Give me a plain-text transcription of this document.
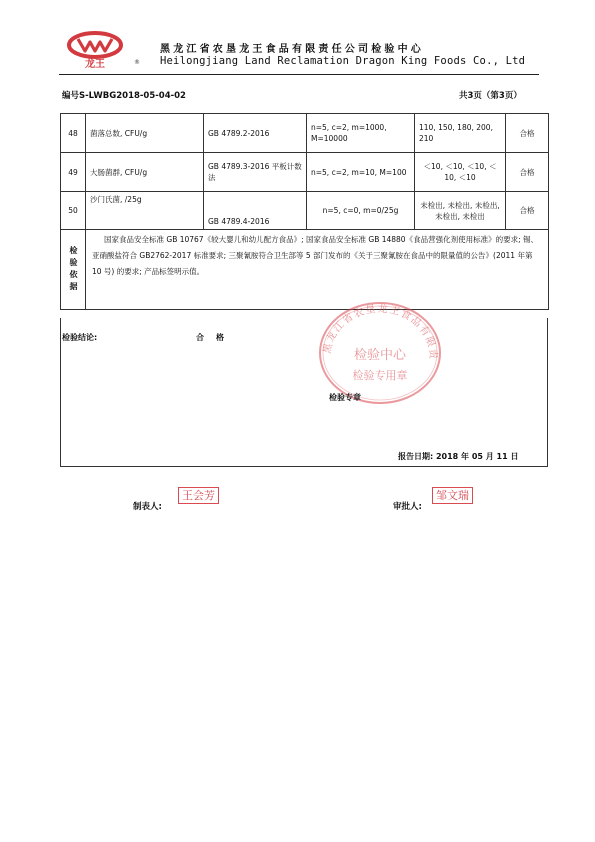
龙王	®
黑龙江省农垦龙王食品有限责任公司检验中心
Heilongjiang Land Reclamation Dragon King Foods Co., Ltd
编号S-LWBG2018-05-04-02	共3页（第3页）
48	菌落总数, CFU/g	GB 4789.2-2016	n=5, c=2, m=1000, M=10000	110, 150, 180, 200, 210	合格
49	大肠菌群, CFU/g	GB 4789.3-2016 平板计数法	n=5, c=2, m=10, M=100	＜10, ＜10, ＜10, ＜10, ＜10	合格
50	沙门氏菌, /25g	GB 4789.4-2016	n=5, c=0, m=0/25g	未检出, 未检出, 未检出, 未检出, 未检出	合格
检验依据	国家食品安全标准 GB 10767《较大婴儿和幼儿配方食品》; 国家食品安全标准 GB 14880《食品营强化剂使用标准》的要求; 锡、亚硝酸盐符合 GB2762-2017 标准要求; 三聚氰胺符合卫生部等 5 部门发布的《关于三聚氰胺在食品中的限量值的公告》(2011 年第 10 号) 的要求; 产品标签明示值。				
检验结论:	合格
黑龙江省农垦龙王食品有限责
检验中心
检验专用章
检验专章
报告日期: 2018 年 05 月 11 日
制表人:
王会芳
审批人:
邹文瑞
